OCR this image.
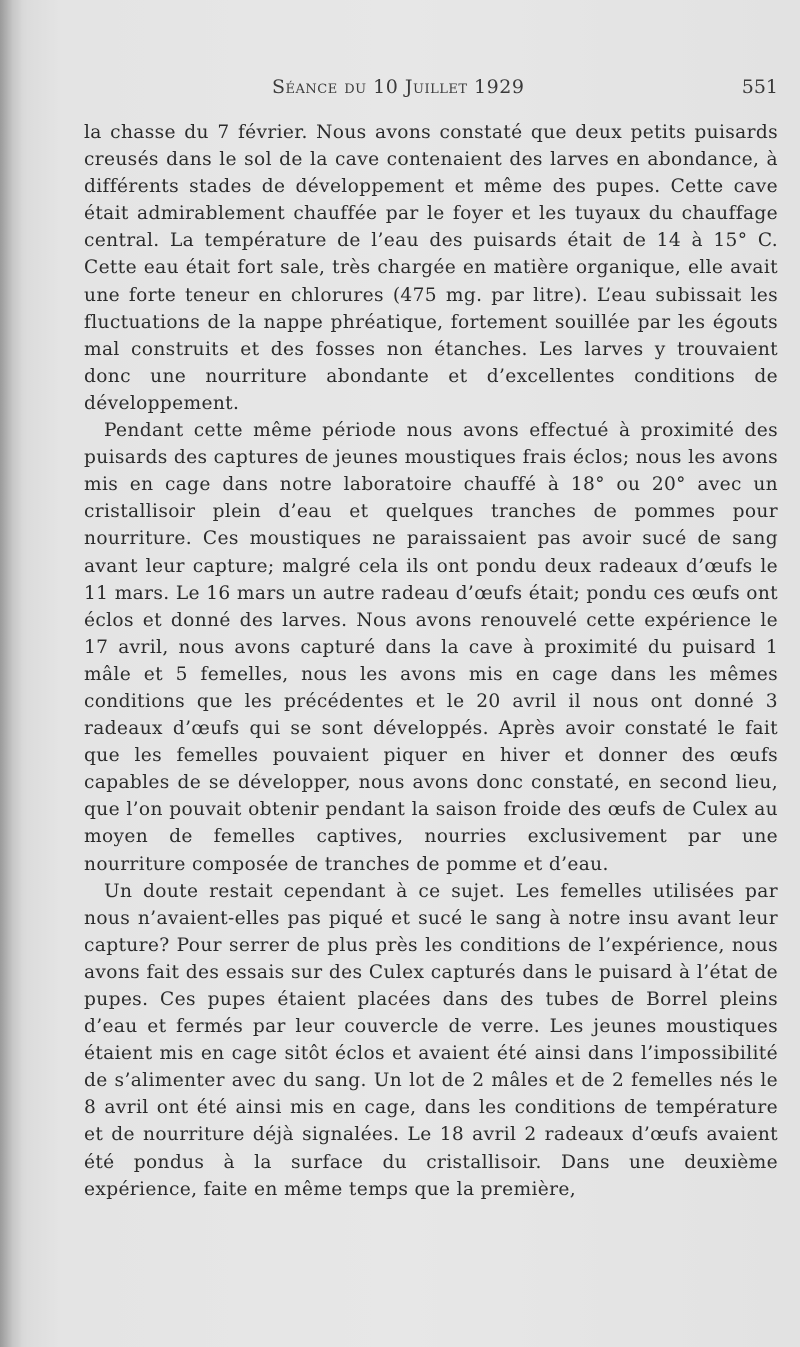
Séance du 10 Juillet 1929	551

la chasse du 7 février. Nous avons constaté que deux petits puisards creusés dans le sol de la cave contenaient des larves en abondance, à différents stades de développement et même des pupes. Cette cave était admirablement chauffée par le foyer et les tuyaux du chauffage central. La température de l’eau des puisards était de 14 à 15° C. Cette eau était fort sale, très chargée en matière organique, elle avait une forte teneur en chlorures (475 mg. par litre). L’eau subissait les fluctuations de la nappe phréatique, fortement souillée par les égouts mal construits et des fosses non étanches. Les larves y trouvaient donc une nourriture abondante et d’excellentes conditions de développement.

Pendant cette même période nous avons effectué à proximité des puisards des captures de jeunes moustiques frais éclos; nous les avons mis en cage dans notre laboratoire chauffé à 18° ou 20° avec un cristallisoir plein d’eau et quelques tranches de pommes pour nourriture. Ces moustiques ne paraissaient pas avoir sucé de sang avant leur capture; malgré cela ils ont pondu deux radeaux d’œufs le 11 mars. Le 16 mars un autre radeau d’œufs était; pondu ces œufs ont éclos et donné des larves. Nous avons renouvelé cette expérience le 17 avril, nous avons capturé dans la cave à proximité du puisard 1 mâle et 5 femelles, nous les avons mis en cage dans les mêmes conditions que les précédentes et le 20 avril il nous ont donné 3 radeaux d’œufs qui se sont développés. Après avoir constaté le fait que les femelles pouvaient piquer en hiver et donner des œufs capables de se développer, nous avons donc constaté, en second lieu, que l’on pouvait obtenir pendant la saison froide des œufs de Culex au moyen de femelles captives, nourries exclusivement par une nourriture composée de tranches de pomme et d’eau.

Un doute restait cependant à ce sujet. Les femelles utilisées par nous n’avaient-elles pas piqué et sucé le sang à notre insu avant leur capture? Pour serrer de plus près les conditions de l’expérience, nous avons fait des essais sur des Culex capturés dans le puisard à l’état de pupes. Ces pupes étaient placées dans des tubes de Borrel pleins d’eau et fermés par leur couvercle de verre. Les jeunes moustiques étaient mis en cage sitôt éclos et avaient été ainsi dans l’impossibilité de s’alimenter avec du sang. Un lot de 2 mâles et de 2 femelles nés le 8 avril ont été ainsi mis en cage, dans les conditions de température et de nourriture déjà signalées. Le 18 avril 2 radeaux d’œufs avaient été pondus à la surface du cristallisoir. Dans une deuxième expérience, faite en même temps que la première,
